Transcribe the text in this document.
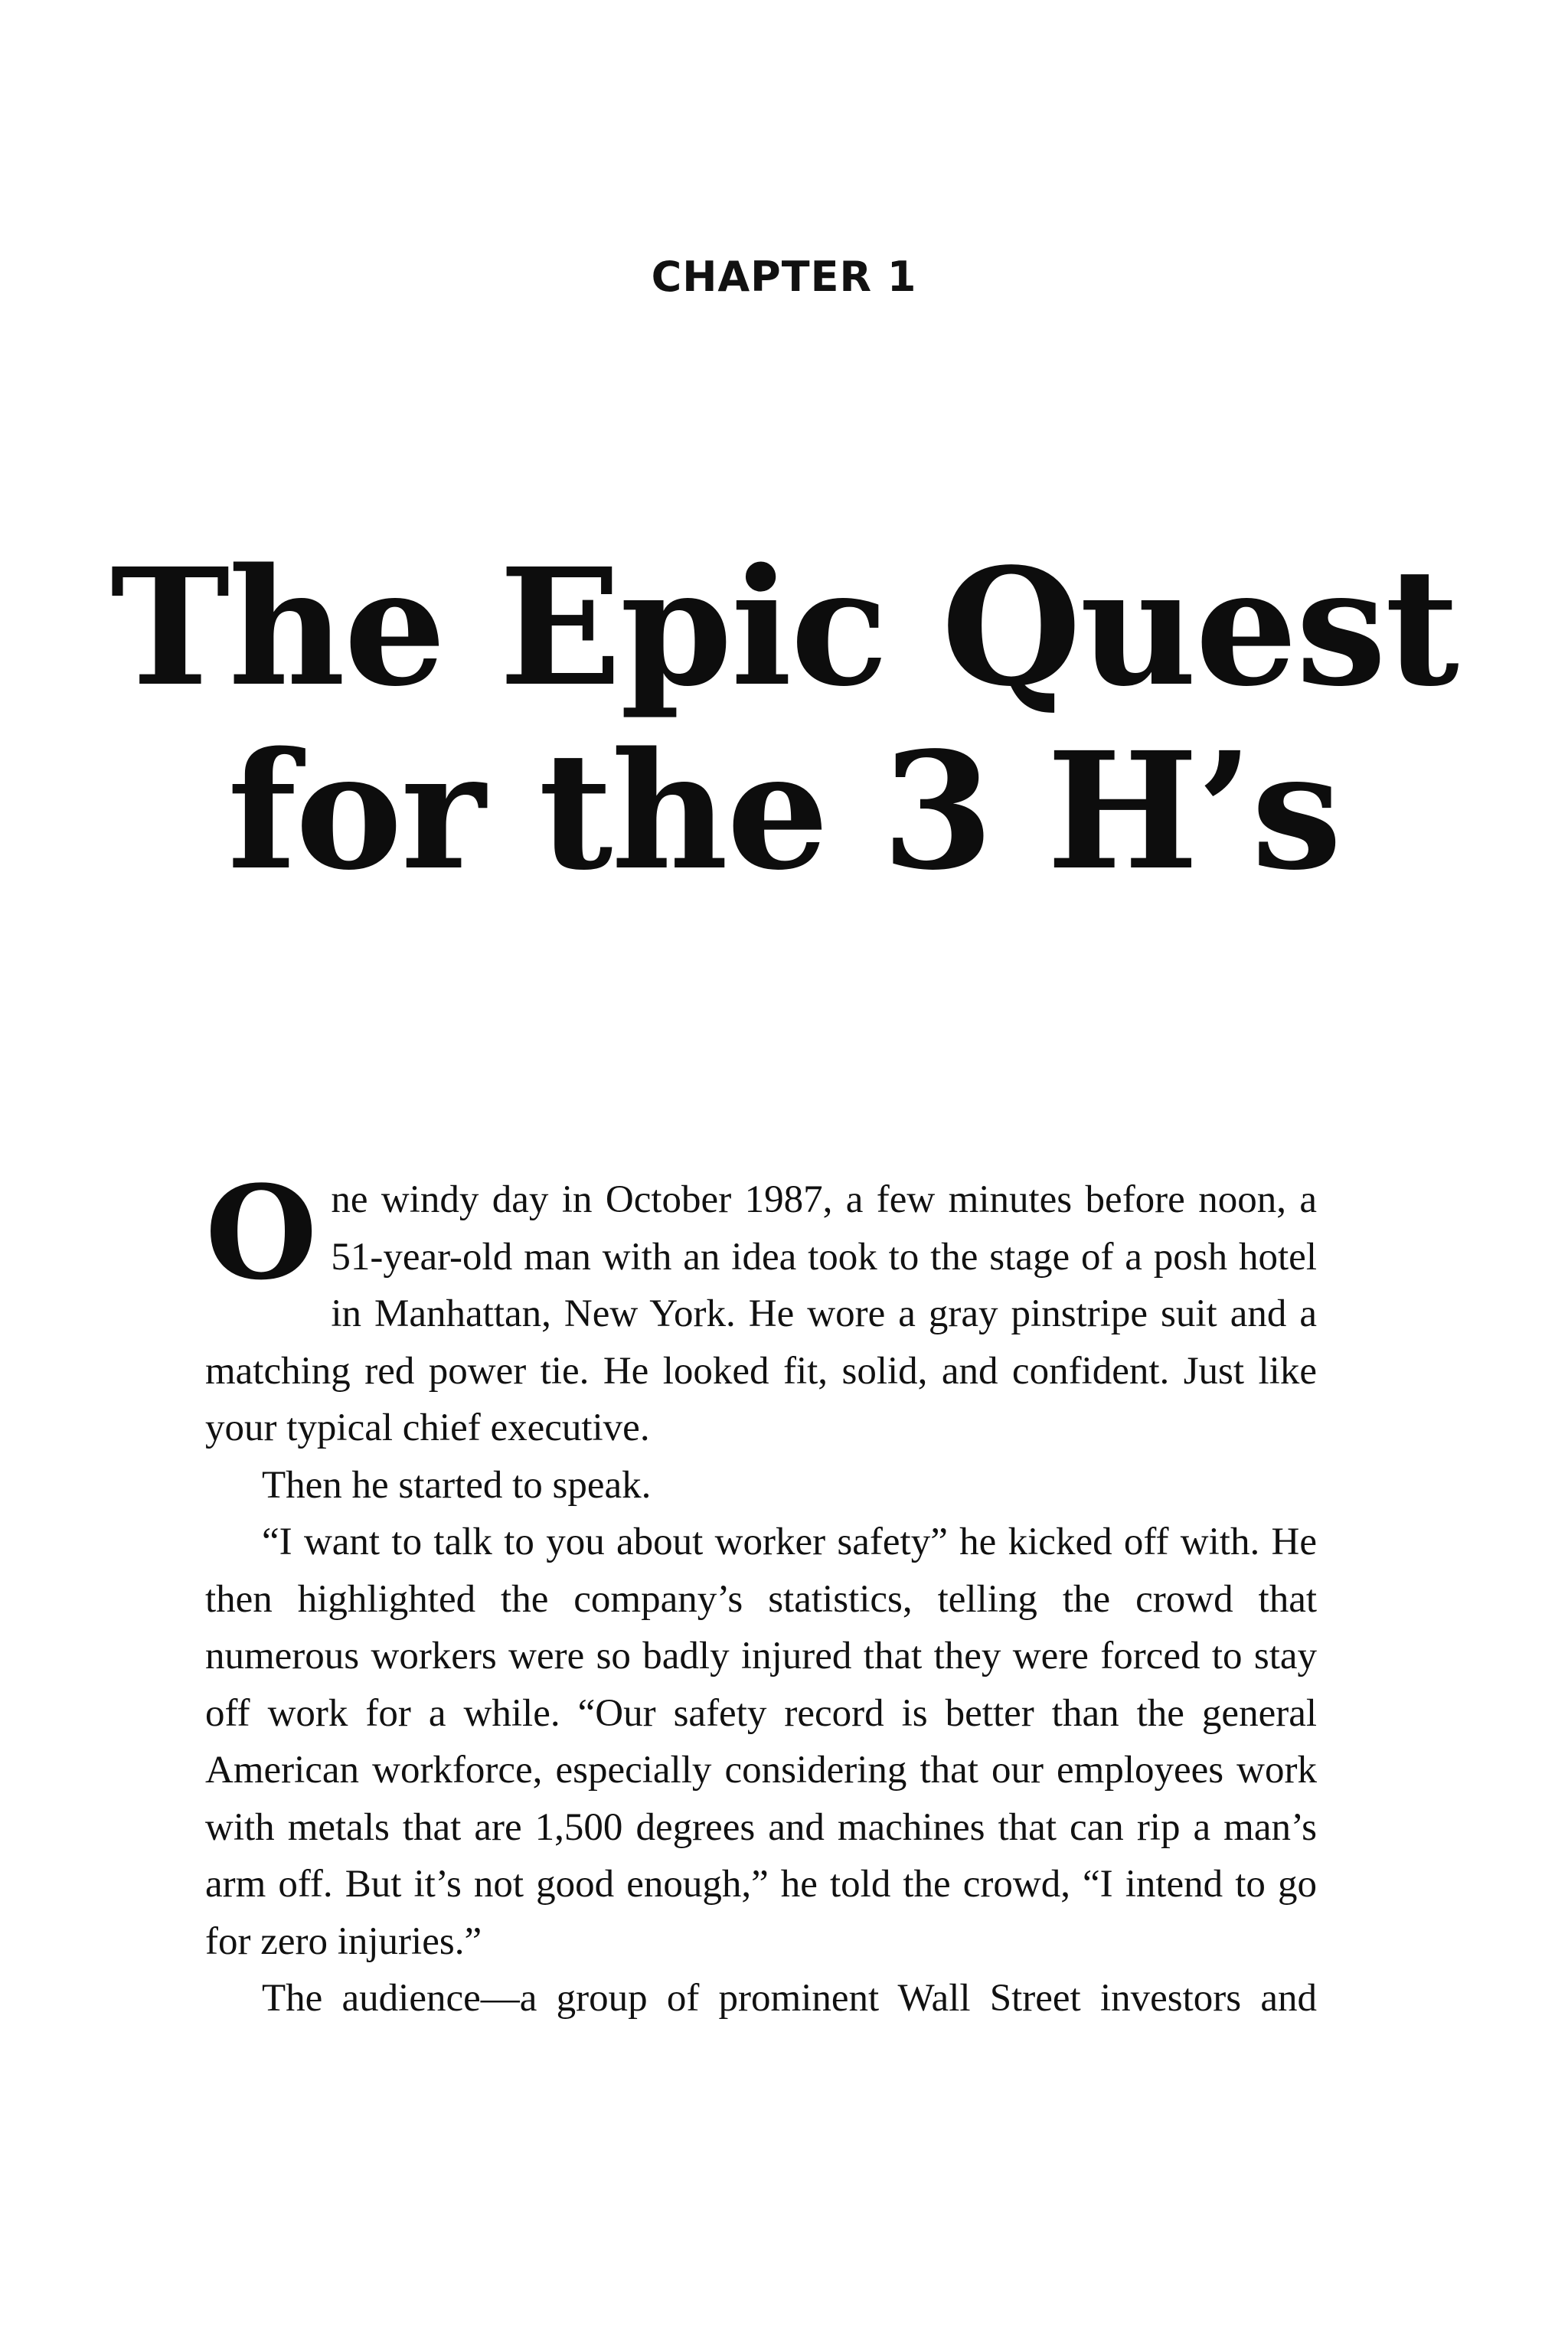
CHAPTER 1
The Epic Quest
for the 3 H’s

One windy day in October 1987, a few minutes before noon, a 51-year-old man with an idea took to the stage of a posh hotel in Manhattan, New York. He wore a gray pinstripe suit and a matching red power tie. He looked fit, solid, and confident. Just like your typical chief executive.

Then he started to speak.

“I want to talk to you about worker safety” he kicked off with. He then highlighted the company’s statistics, telling the crowd that numerous workers were so badly injured that they were forced to stay off work for a while. “Our safety record is better than the general American workforce, especially considering that our employees work with metals that are 1,500 degrees and machines that can rip a man’s arm off. But it’s not good enough,” he told the crowd, “I intend to go for zero injuries.”

The audience—a group of prominent Wall Street investors and
